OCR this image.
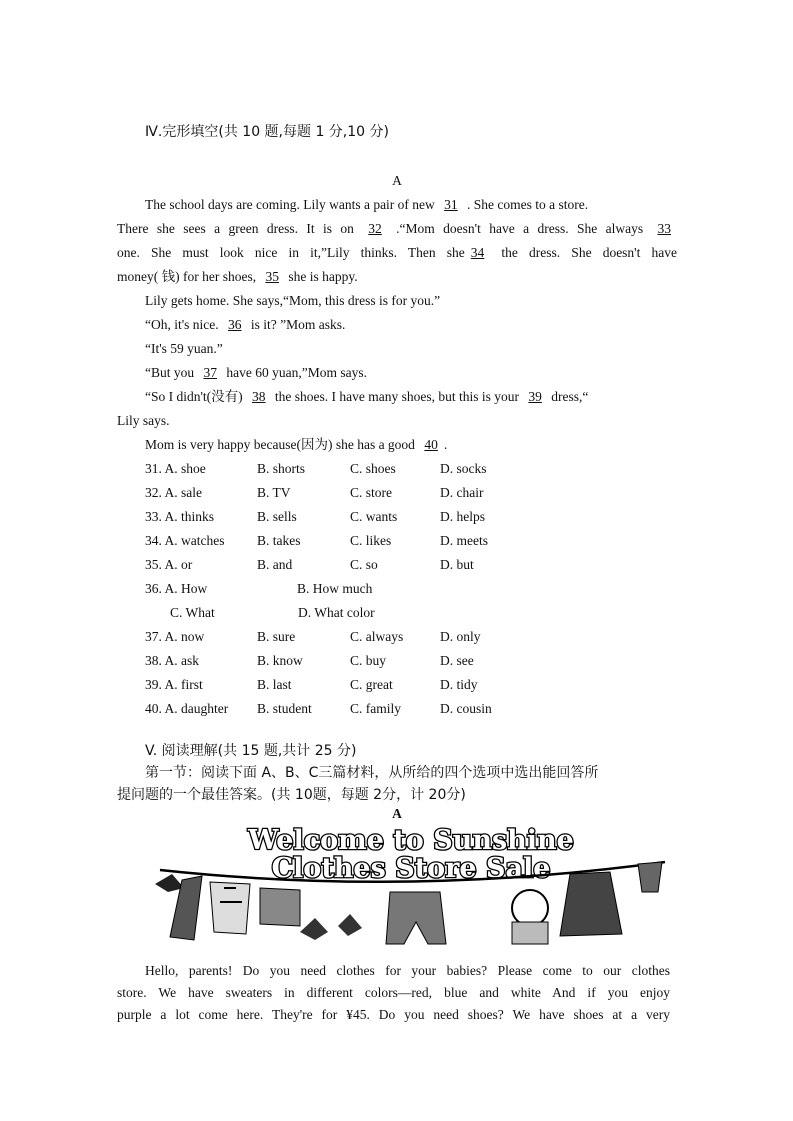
Ⅳ.完形填空(共 10 题,每题 1 分,10 分)
A
The school days are coming. Lily wants a pair of new 31 . She comes to a store.
There she sees a green dress. It is on 32 .“Mom doesn't have a dress. She always 33
one. She must look nice in it,”Lily thinks. Then she 34 the dress. She doesn't have
money( 钱) for her shoes, 35 she is happy.
Lily gets home. She says,“Mom, this dress is for you.”
“Oh, it's nice. 36 is it? ”Mom asks.
“It's 59 yuan.”
“But you 37 have 60 yuan,”Mom says.
“So I didn't(没有) 38 the shoes. I have many shoes, but this is your 39 dress,“
Lily says.
Mom is very happy because(因为) she has a good 40 .
31. A. shoe	B. shorts	C. shoes	D. socks
32. A. sale	B. TV	C. store	D. chair
33. A. thinks	B. sells	C. wants	D. helps
34. A. watches B. takes	C. likes	D. meets
35. A. or	B. and	C. so	D. but
36. A. How	B. How much
C. What	D. What color
37. A. now	B. sure	C. always	D. only
38. A. ask	B. know	C. buy	D. see
39. A. first	B. last	C. great	D. tidy
40. A. daughter B. student	C. family	D. cousin
V. 阅读理解(共 15 题,共计 25 分)
第一节：阅读下面 A、B、C三篇材料，从所给的四个选项中选出能回答所
提问题的一个最佳答案。(共 10题，每题 2分，计 20分)
A
Welcome to Sunshine
Clothes Store Sale
Hello, parents! Do you need clothes for your babies? Please come to our clothes
store. We have sweaters in different colors—red, blue and white And if you enjoy
purple a lot come here. They're for ¥45. Do you need shoes? We have shoes at a very
